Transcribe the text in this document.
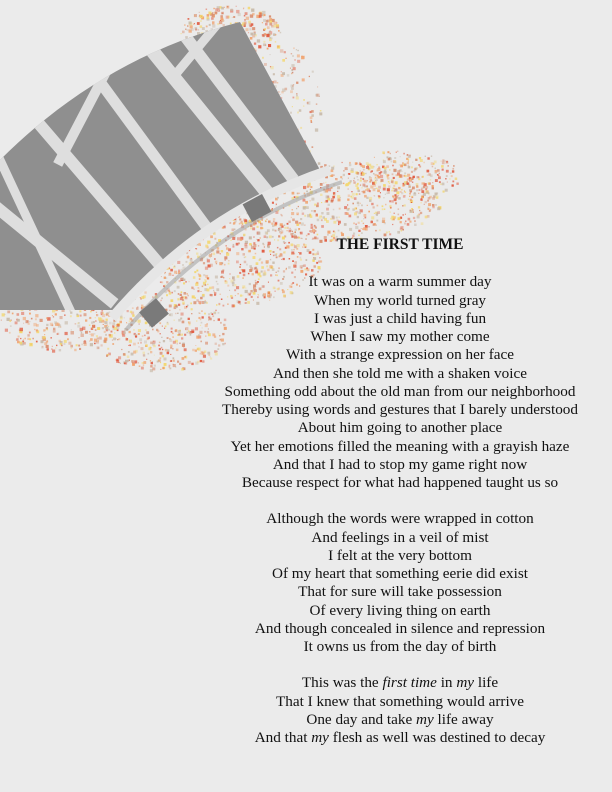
THE FIRST TIME
It was on a warm summer day
When my world turned gray
I was just a child having fun
When I saw my mother come
With a strange expression on her face
And then she told me with a shaken voice
Something odd about the old man from our neighborhood
Thereby using words and gestures that I barely understood
About him going to another place
Yet her emotions filled the meaning with a grayish haze
And that I had to stop my game right now
Because respect for what had happened taught us so
Although the words were wrapped in cotton
And feelings in a veil of mist
I felt at the very bottom
Of my heart that something eerie did exist
That for sure will take possession
Of every living thing on earth
And though concealed in silence and repression
It owns us from the day of birth
This was the first time in my life
That I knew that something would arrive
One day and take my life away
And that my flesh as well was destined to decay
